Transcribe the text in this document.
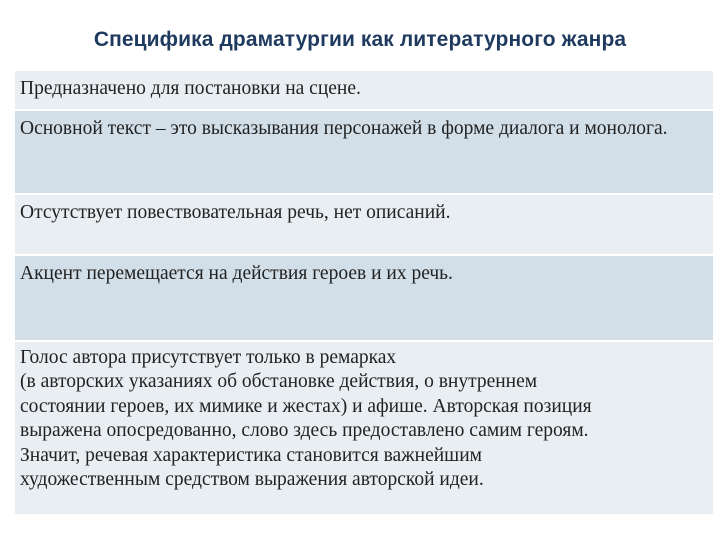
Специфика драматургии как литературного жанра
Предназначено для постановки на сцене.
Основной текст – это высказывания персонажей в форме диалога и монолога.
Отсутствует повествовательная речь, нет описаний.
Акцент перемещается на действия героев и их речь.
Голос автора присутствует только в ремарках
(в авторских указаниях об обстановке действия, о внутреннем
состоянии героев, их мимике и жестах) и афише. Авторская позиция
выражена опосредованно, слово здесь предоставлено самим героям.
Значит, речевая характеристика становится важнейшим
художественным средством выражения авторской идеи.
